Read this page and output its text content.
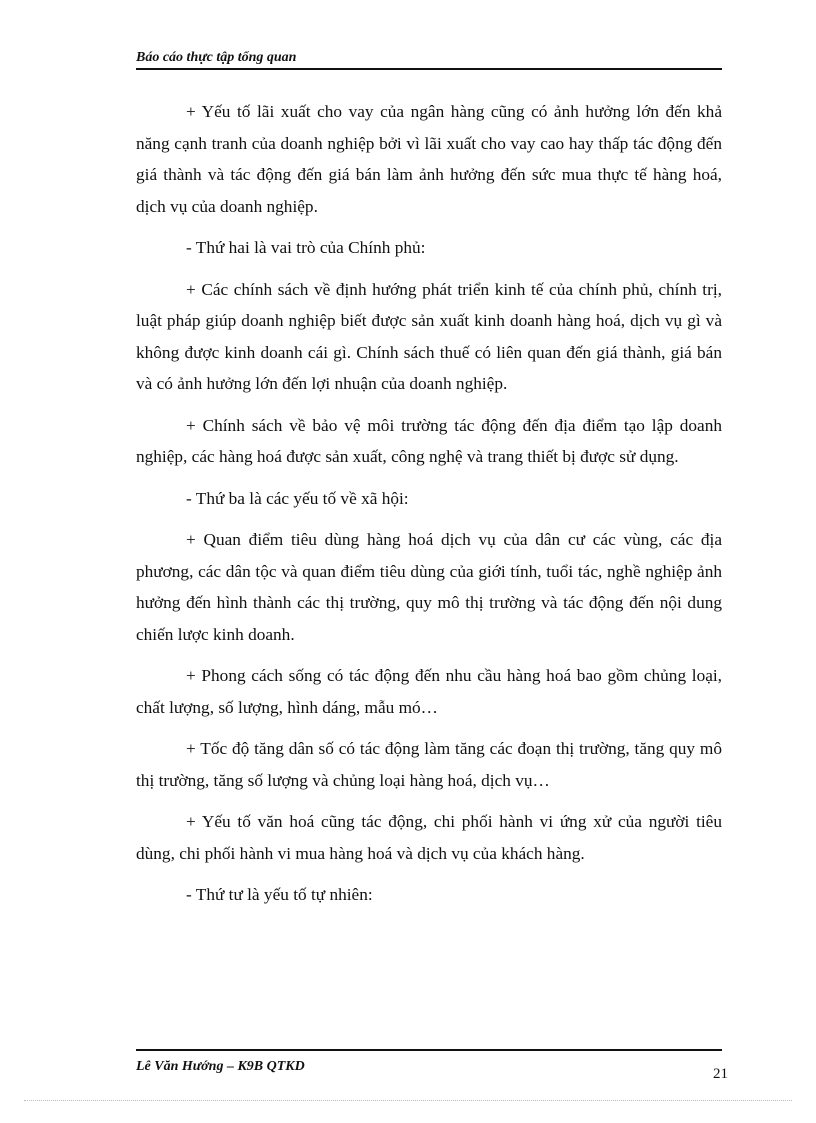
Báo cáo thực tập tổng quan

+ Yếu tố lãi xuất cho vay của ngân hàng cũng có ảnh hưởng lớn đến khả năng cạnh tranh của doanh nghiệp bởi vì lãi xuất cho vay cao hay thấp tác động đến giá thành và tác động đến giá bán làm ảnh hưởng đến sức mua thực tế hàng hoá, dịch vụ của doanh nghiệp.

- Thứ hai là vai trò của Chính phủ:

+ Các chính sách về định hướng phát triển kinh tế của chính phủ, chính trị, luật pháp giúp doanh nghiệp biết được sản xuất kinh doanh hàng hoá, dịch vụ gì và không được kinh doanh cái gì. Chính sách thuế có liên quan đến giá thành, giá bán và có ảnh hưởng lớn đến lợi nhuận của doanh nghiệp.

+ Chính sách về bảo vệ môi trường tác động đến địa điểm tạo lập doanh nghiệp, các hàng hoá được sản xuất, công nghệ và trang thiết bị được sử dụng.

- Thứ ba là các yếu tố về xã hội:

+ Quan điểm tiêu dùng hàng hoá dịch vụ của dân cư các vùng, các địa phương, các dân tộc và quan điểm tiêu dùng của giới tính, tuổi tác, nghề nghiệp ảnh hưởng đến hình thành các thị trường, quy mô thị trường và tác động đến nội dung chiến lược kinh doanh.

+ Phong cách sống có tác động đến nhu cầu hàng hoá bao gồm chủng loại, chất lượng, số lượng, hình dáng, mẫu mó…

+ Tốc độ tăng dân số có tác động làm tăng các đoạn thị trường, tăng quy mô thị trường, tăng số lượng và chủng loại hàng hoá, dịch vụ…

+ Yếu tố văn hoá cũng tác động, chi phối hành vi ứng xử của người tiêu dùng, chi phối hành vi mua hàng hoá và dịch vụ của khách hàng.

- Thứ tư là yếu tố tự nhiên:

Lê Văn Hướng – K9B QTKD	21
